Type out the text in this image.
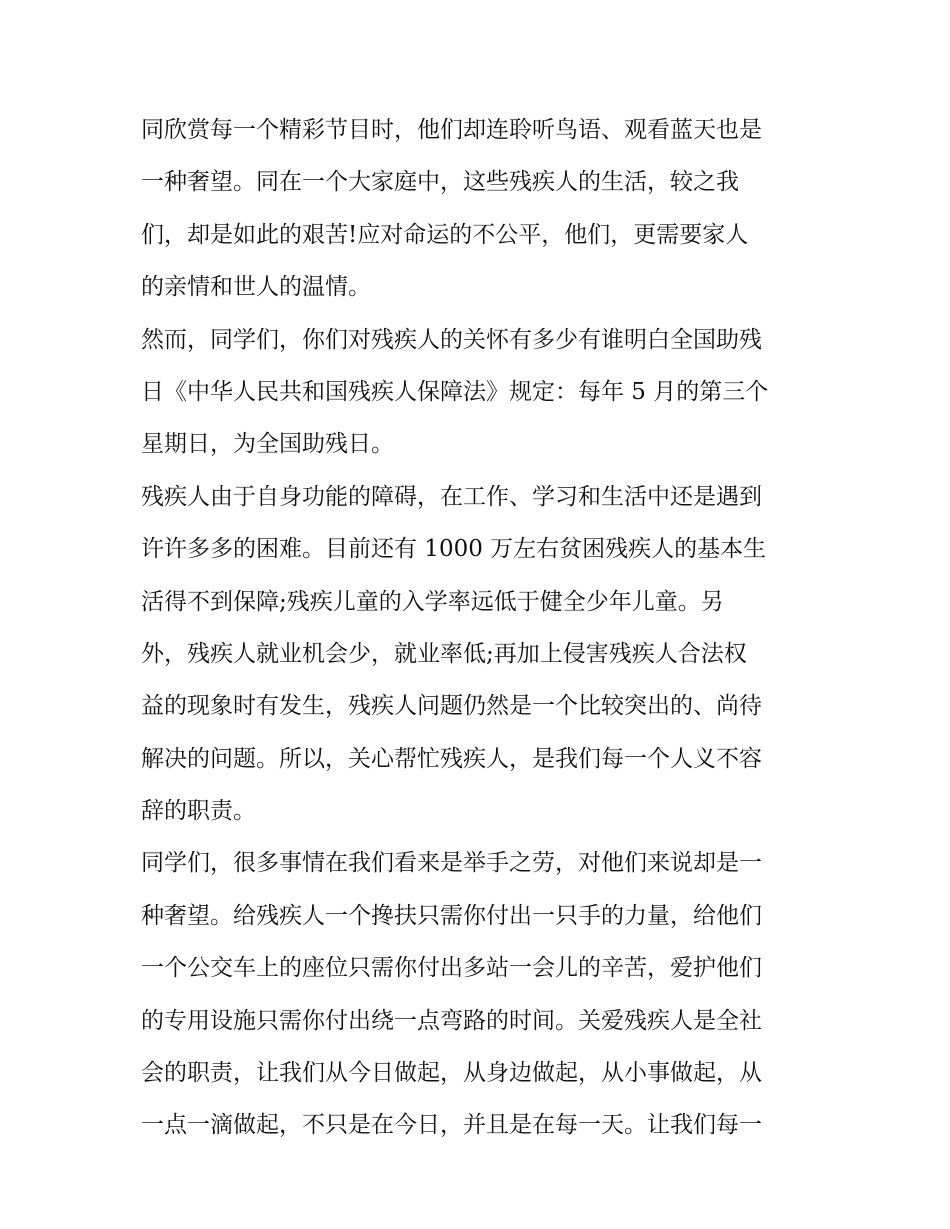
同欣赏每一个精彩节目时，他们却连聆听鸟语、观看蓝天也是
一种奢望。同在一个大家庭中，这些残疾人的生活，较之我
们，却是如此的艰苦!应对命运的不公平，他们，更需要家人
的亲情和世人的温情。
然而，同学们，你们对残疾人的关怀有多少有谁明白全国助残
日《中华人民共和国残疾人保障法》规定：每年 5 月的第三个
星期日，为全国助残日。
残疾人由于自身功能的障碍，在工作、学习和生活中还是遇到
许许多多的困难。目前还有 1000 万左右贫困残疾人的基本生
活得不到保障;残疾儿童的入学率远低于健全少年儿童。另
外，残疾人就业机会少，就业率低;再加上侵害残疾人合法权
益的现象时有发生，残疾人问题仍然是一个比较突出的、尚待
解决的问题。所以，关心帮忙残疾人，是我们每一个人义不容
辞的职责。
同学们，很多事情在我们看来是举手之劳，对他们来说却是一
种奢望。给残疾人一个搀扶只需你付出一只手的力量，给他们
一个公交车上的座位只需你付出多站一会儿的辛苦，爱护他们
的专用设施只需你付出绕一点弯路的时间。关爱残疾人是全社
会的职责，让我们从今日做起，从身边做起，从小事做起，从
一点一滴做起，不只是在今日，并且是在每一天。让我们每一
